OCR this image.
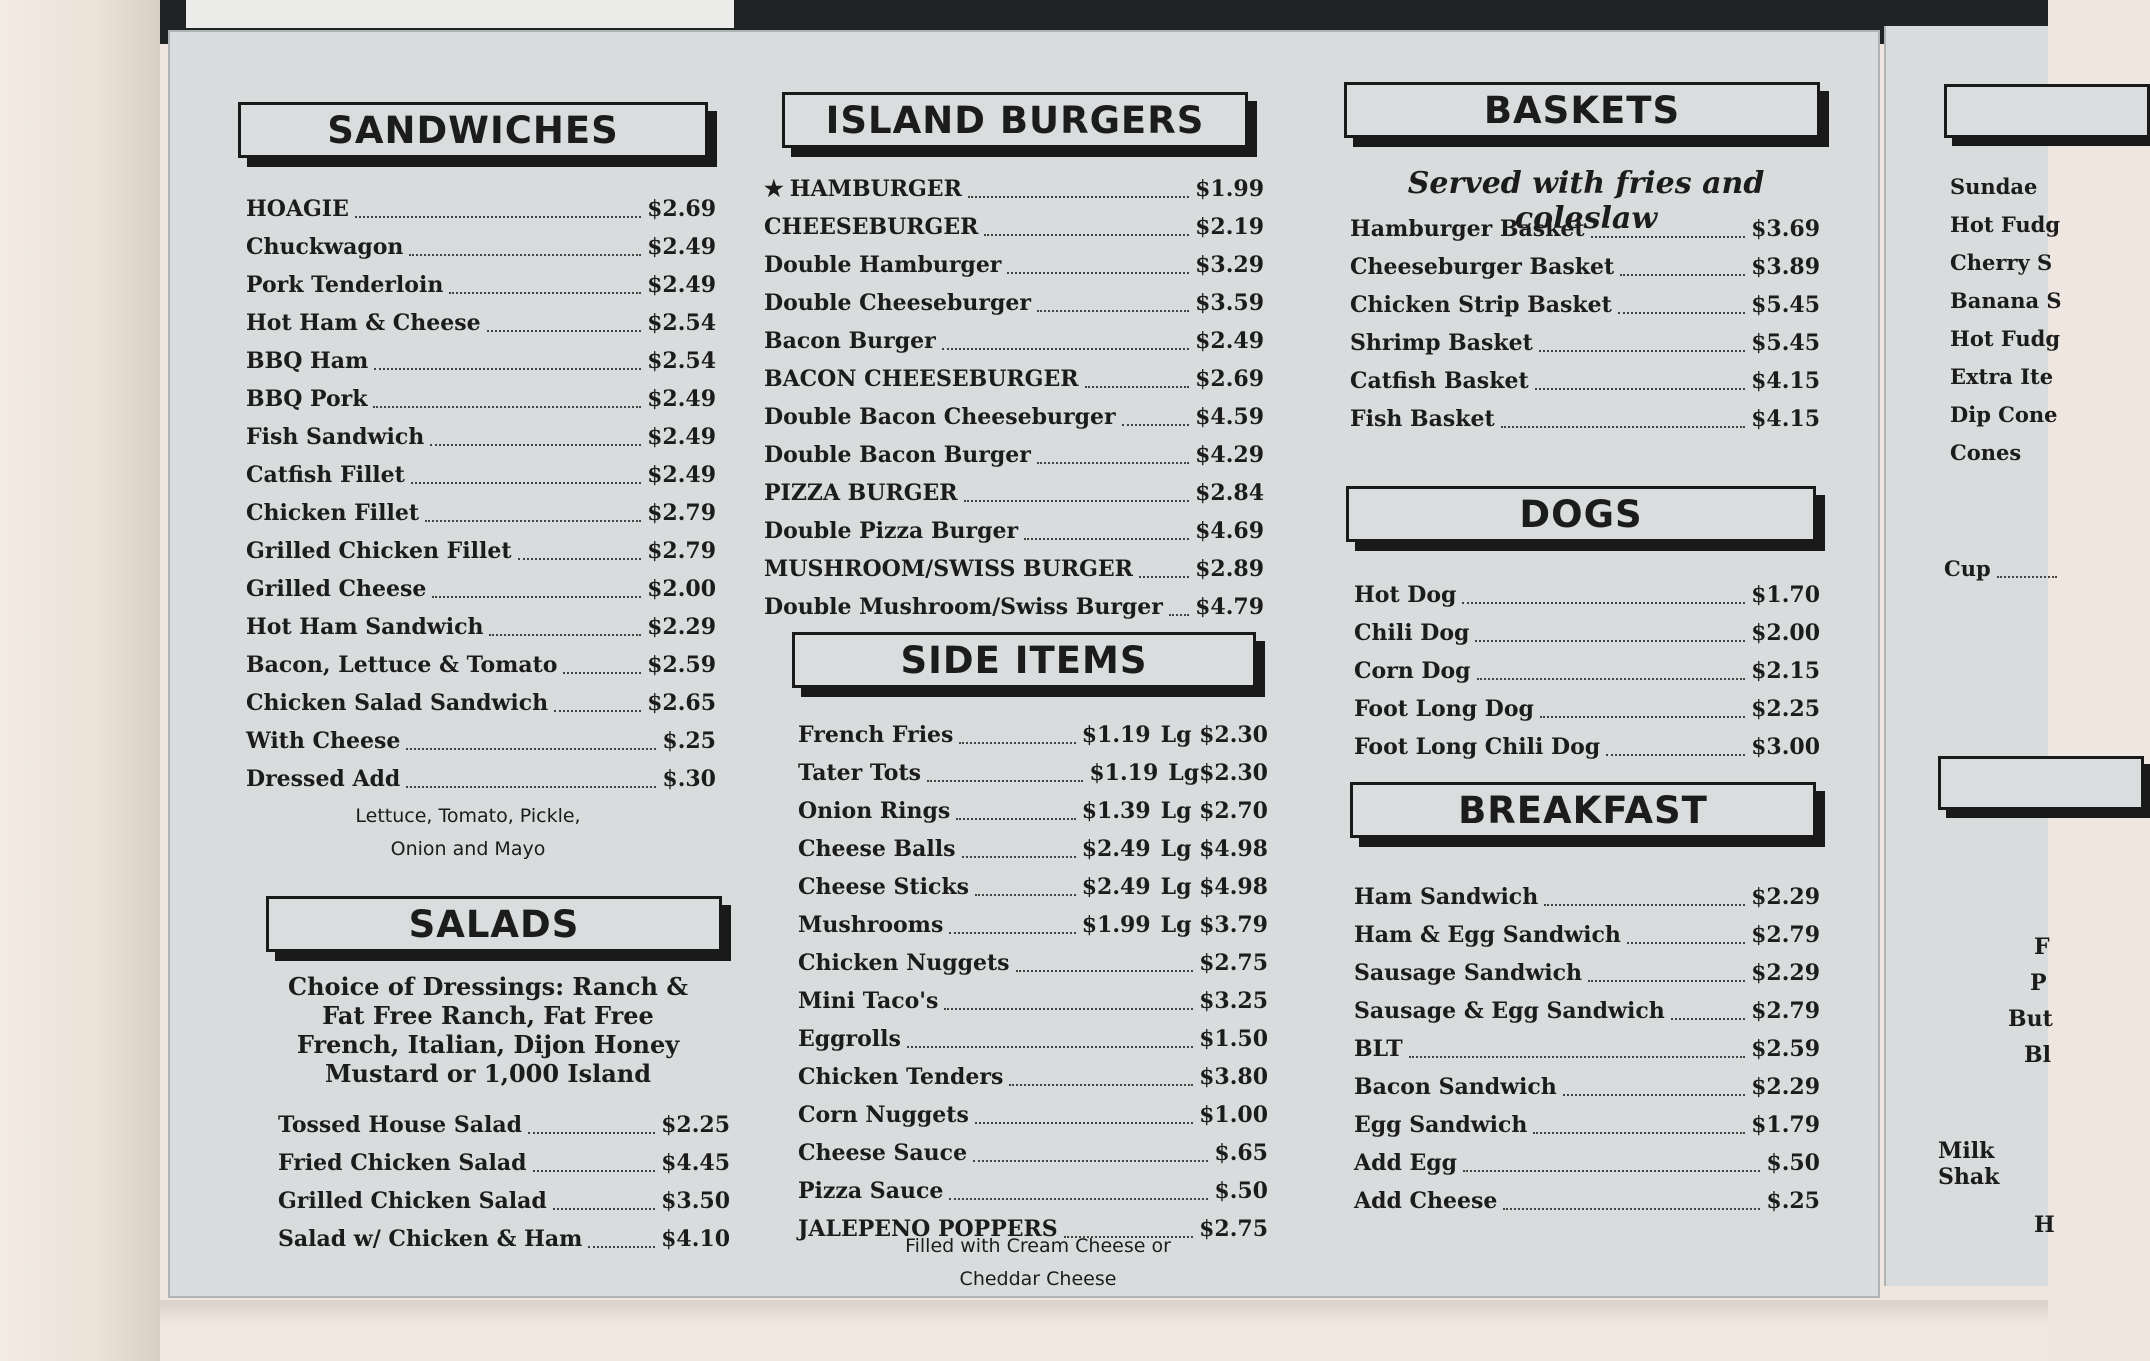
SANDWICHES
HOAGIE	$2.69
Chuckwagon	$2.49
Pork Tenderloin	$2.49
Hot Ham & Cheese	$2.54
BBQ Ham	$2.54
BBQ Pork	$2.49
Fish Sandwich	$2.49
Catfish Fillet	$2.49
Chicken Fillet	$2.79
Grilled Chicken Fillet	$2.79
Grilled Cheese	$2.00
Hot Ham Sandwich	$2.29
Bacon, Lettuce & Tomato	$2.59
Chicken Salad Sandwich	$2.65
With Cheese	$.25
Dressed Add	$.30
Lettuce, Tomato, Pickle,
Onion and Mayo
SALADS
Choice of Dressings: Ranch & Fat Free Ranch, Fat Free French, Italian, Dijon Honey Mustard or 1,000 Island
Tossed House Salad	$2.25
Fried Chicken Salad	$4.45
Grilled Chicken Salad	$3.50
Salad w/ Chicken & Ham	$4.10
ISLAND BURGERS
★ HAMBURGER	$1.99
CHEESEBURGER	$2.19
Double Hamburger	$3.29
Double Cheeseburger	$3.59
Bacon Burger	$2.49
BACON CHEESEBURGER	$2.69
Double Bacon Cheeseburger	$4.59
Double Bacon Burger	$4.29
PIZZA BURGER	$2.84
Double Pizza Burger	$4.69
MUSHROOM/SWISS BURGER	$2.89
Double Mushroom/Swiss Burger $4.79
SIDE ITEMS
French Fries	$1.19 Lg $2.30
Tater Tots	$1.19 Lg$2.30
Onion Rings	$1.39 Lg $2.70
Cheese Balls	$2.49 Lg $4.98
Cheese Sticks	$2.49 Lg $4.98
Mushrooms	$1.99 Lg $3.79
Chicken Nuggets	$2.75
Mini Taco's	$3.25
Eggrolls	$1.50
Chicken Tenders	$3.80
Corn Nuggets	$1.00
Cheese Sauce	$.65
Pizza Sauce	$.50
JALEPENO POPPERS	$2.75
Filled with Cream Cheese or
Cheddar Cheese
BASKETS
Served with fries and coleslaw
Hamburger Basket	$3.69
Cheeseburger Basket	$3.89
Chicken Strip Basket	$5.45
Shrimp Basket	$5.45
Catfish Basket	$4.15
Fish Basket	$4.15
DOGS
Hot Dog	$1.70
Chili Dog	$2.00
Corn Dog	$2.15
Foot Long Dog	$2.25
Foot Long Chili Dog	$3.00
BREAKFAST
Ham Sandwich	$2.29
Ham & Egg Sandwich	$2.79
Sausage Sandwich	$2.29
Sausage & Egg Sandwich	$2.79
BLT	$2.59
Bacon Sandwich	$2.29
Egg Sandwich	$1.79
Add Egg	$.50
Add Cheese	$.25
Sundae
Hot Fudg
Cherry S
Banana S
Hot Fudg
Extra Ite
Dip Cone
Cones
Cup
F
P
But
Bl
Milk Shak
H
